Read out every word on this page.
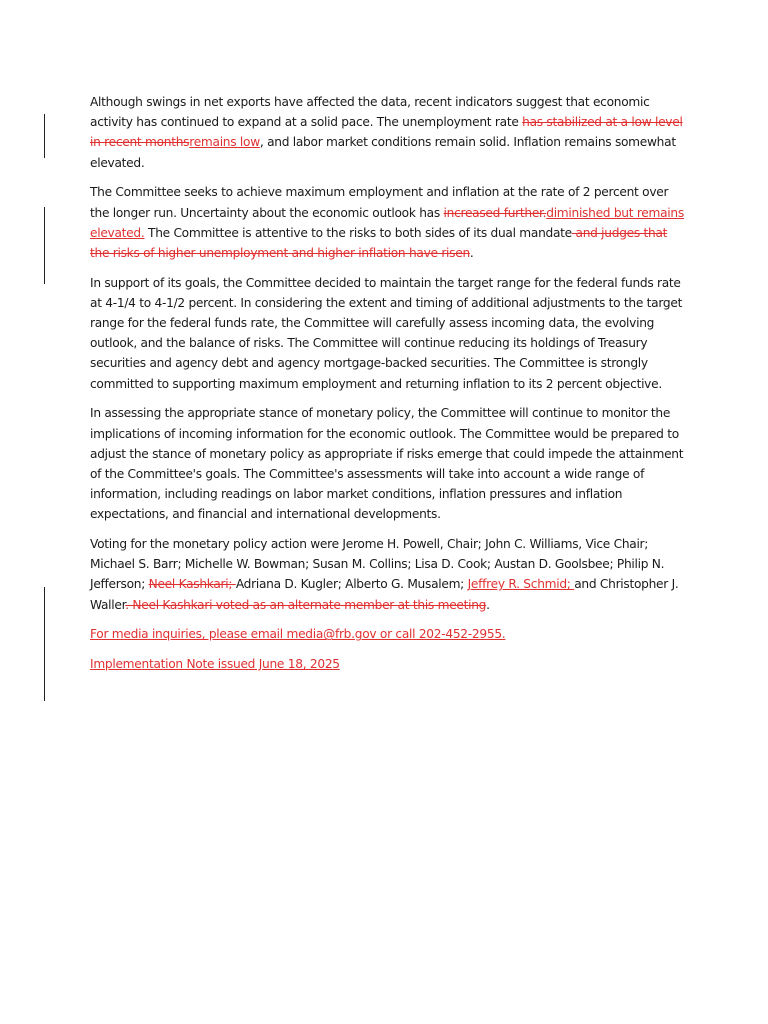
Although swings in net exports have affected the data, recent indicators suggest that economic activity has continued to expand at a solid pace. The unemployment rate has stabilized at a low level in recent monthsremains low, and labor market conditions remain solid. Inflation remains somewhat elevated.

The Committee seeks to achieve maximum employment and inflation at the rate of 2 percent over the longer run. Uncertainty about the economic outlook has increased further.diminished but remains elevated. The Committee is attentive to the risks to both sides of its dual mandate and judges that the risks of higher unemployment and higher inflation have risen.

In support of its goals, the Committee decided to maintain the target range for the federal funds rate at 4-1/4 to 4-1/2 percent. In considering the extent and timing of additional adjustments to the target range for the federal funds rate, the Committee will carefully assess incoming data, the evolving outlook, and the balance of risks. The Committee will continue reducing its holdings of Treasury securities and agency debt and agency mortgage-backed securities. The Committee is strongly committed to supporting maximum employment and returning inflation to its 2 percent objective.

In assessing the appropriate stance of monetary policy, the Committee will continue to monitor the implications of incoming information for the economic outlook. The Committee would be prepared to adjust the stance of monetary policy as appropriate if risks emerge that could impede the attainment of the Committee's goals. The Committee's assessments will take into account a wide range of information, including readings on labor market conditions, inflation pressures and inflation expectations, and financial and international developments.

Voting for the monetary policy action were Jerome H. Powell, Chair; John C. Williams, Vice Chair; Michael S. Barr; Michelle W. Bowman; Susan M. Collins; Lisa D. Cook; Austan D. Goolsbee; Philip N. Jefferson; Neel Kashkari; Adriana D. Kugler; Alberto G. Musalem; Jeffrey R. Schmid; and Christopher J. Waller. Neel Kashkari voted as an alternate member at this meeting.

For media inquiries, please email media@frb.gov or call 202-452-2955.

Implementation Note issued June 18, 2025
